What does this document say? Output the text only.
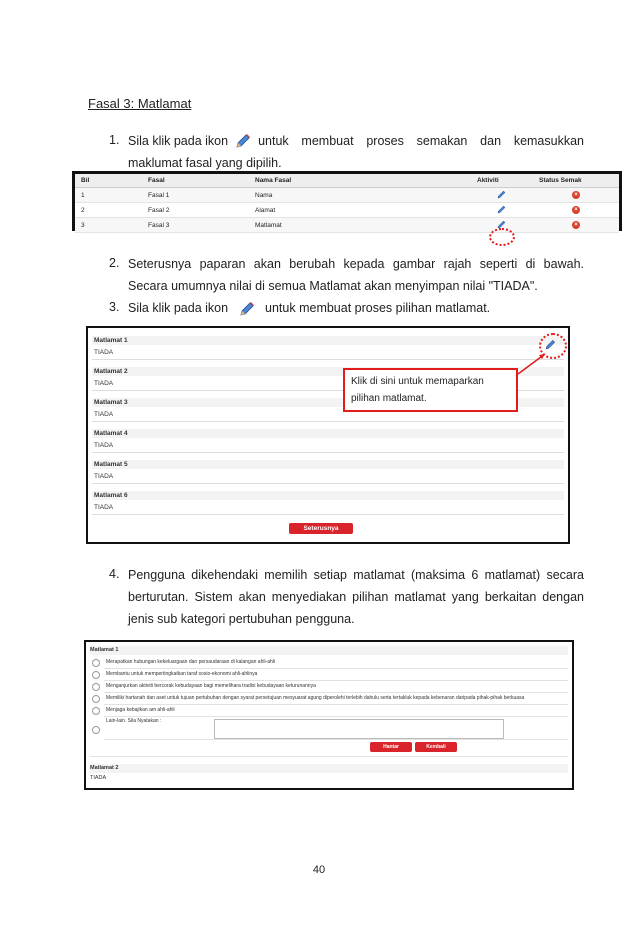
Fasal 3: Matlamat
1. Sila klik pada ikon untuk membuat proses semakan dan kemasukkan
maklumat fasal yang dipilih.
Bil	Fasal	Nama Fasal	Aktiviti	Status Semak
1	Fasal 1	Nama		×
2	Fasal 2	Alamat		×
3	Fasal 3	Matlamat		×
2. Seterusnya paparan akan berubah kepada gambar rajah seperti di bawah.
Secara umumnya nilai di semua Matlamat akan menyimpan nilai "TIADA".
3. Sila klik pada ikon	untuk membuat proses pilihan matlamat.
Matlamat 1
TIADA
Matlamat 2
TIADA
Matlamat 3
TIADA
Matlamat 4
TIADA
Matlamat 5
TIADA
Matlamat 6
TIADA
Seterusnya
Klik di sini untuk memaparkan
pilihan matlamat.
4. Pengguna dikehendaki memilih setiap matlamat (maksima 6 matlamat) secara
berturutan. Sistem akan menyediakan pilihan matlamat yang berkaitan dengan
jenis sub kategori pertubuhan pengguna.
Matlamat 1
Merapatkan hubungan kekeluargaan dan persaudaraan di kalangan ahli-ahli
Membantu untuk mempertingkatkan taraf sosio-ekonomi ahli-ahlinya
Menganjurkan aktiviti bercorak kebudayaan bagi memelihara tradisi kebudayaan keturunannya
Memiliki hartanah dan aset untuk tujuan pertubuhan dengan syarat persetujuan mesyuarat agung diperolehi terlebih dahulu serta tertakluk kepada kebenaran daripada pihak-pihak berkuasa
Menjaga kebajikan am ahli-ahli
Lain-lain. Sila Nyatakan :
Hantar	Kembali
Matlamat 2
TIADA
40
